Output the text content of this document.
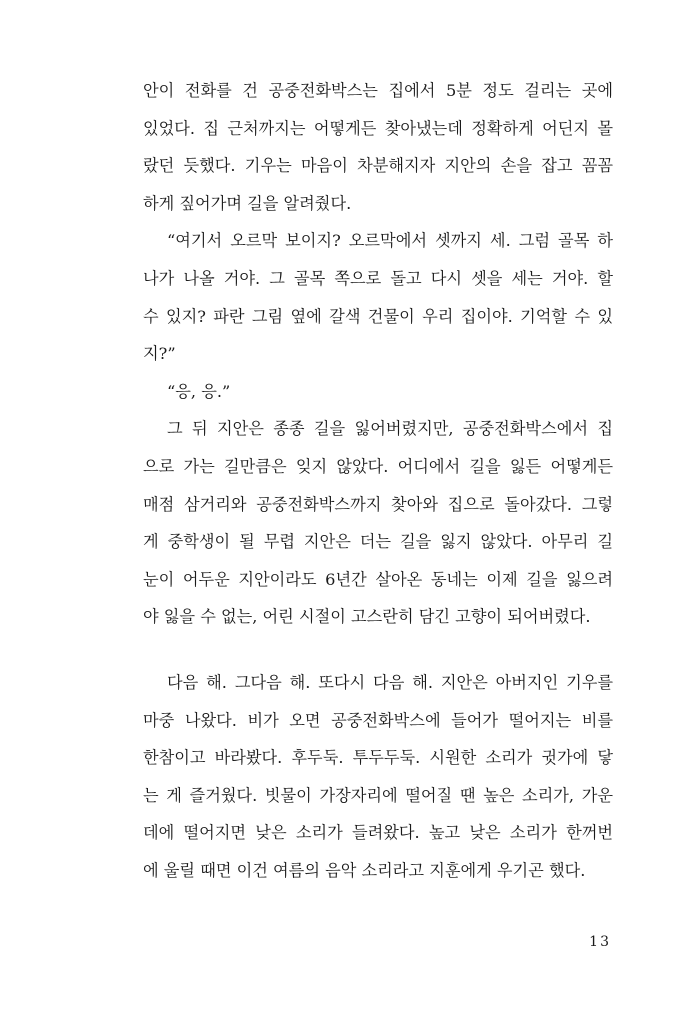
안이 전화를 건 공중전화박스는 집에서 5분 정도 걸리는 곳에
있었다. 집 근처까지는 어떻게든 찾아냈는데 정확하게 어딘지 몰
랐던 듯했다. 기우는 마음이 차분해지자 지안의 손을 잡고 꼼꼼
하게 짚어가며 길을 알려줬다.
“여기서 오르막 보이지? 오르막에서 셋까지 세. 그럼 골목 하
나가 나올 거야. 그 골목 쪽으로 돌고 다시 셋을 세는 거야. 할
수 있지? 파란 그림 옆에 갈색 건물이 우리 집이야. 기억할 수 있
지?”
“응, 응.”
그 뒤 지안은 종종 길을 잃어버렸지만, 공중전화박스에서 집
으로 가는 길만큼은 잊지 않았다. 어디에서 길을 잃든 어떻게든
매점 삼거리와 공중전화박스까지 찾아와 집으로 돌아갔다. 그렇
게 중학생이 될 무렵 지안은 더는 길을 잃지 않았다. 아무리 길
눈이 어두운 지안이라도 6년간 살아온 동네는 이제 길을 잃으려
야 잃을 수 없는, 어린 시절이 고스란히 담긴 고향이 되어버렸다.
다음 해. 그다음 해. 또다시 다음 해. 지안은 아버지인 기우를
마중 나왔다. 비가 오면 공중전화박스에 들어가 떨어지는 비를
한참이고 바라봤다. 후두둑. 투두두둑. 시원한 소리가 귓가에 닿
는 게 즐거웠다. 빗물이 가장자리에 떨어질 땐 높은 소리가, 가운
데에 떨어지면 낮은 소리가 들려왔다. 높고 낮은 소리가 한꺼번
에 울릴 때면 이건 여름의 음악 소리라고 지훈에게 우기곤 했다.
13
